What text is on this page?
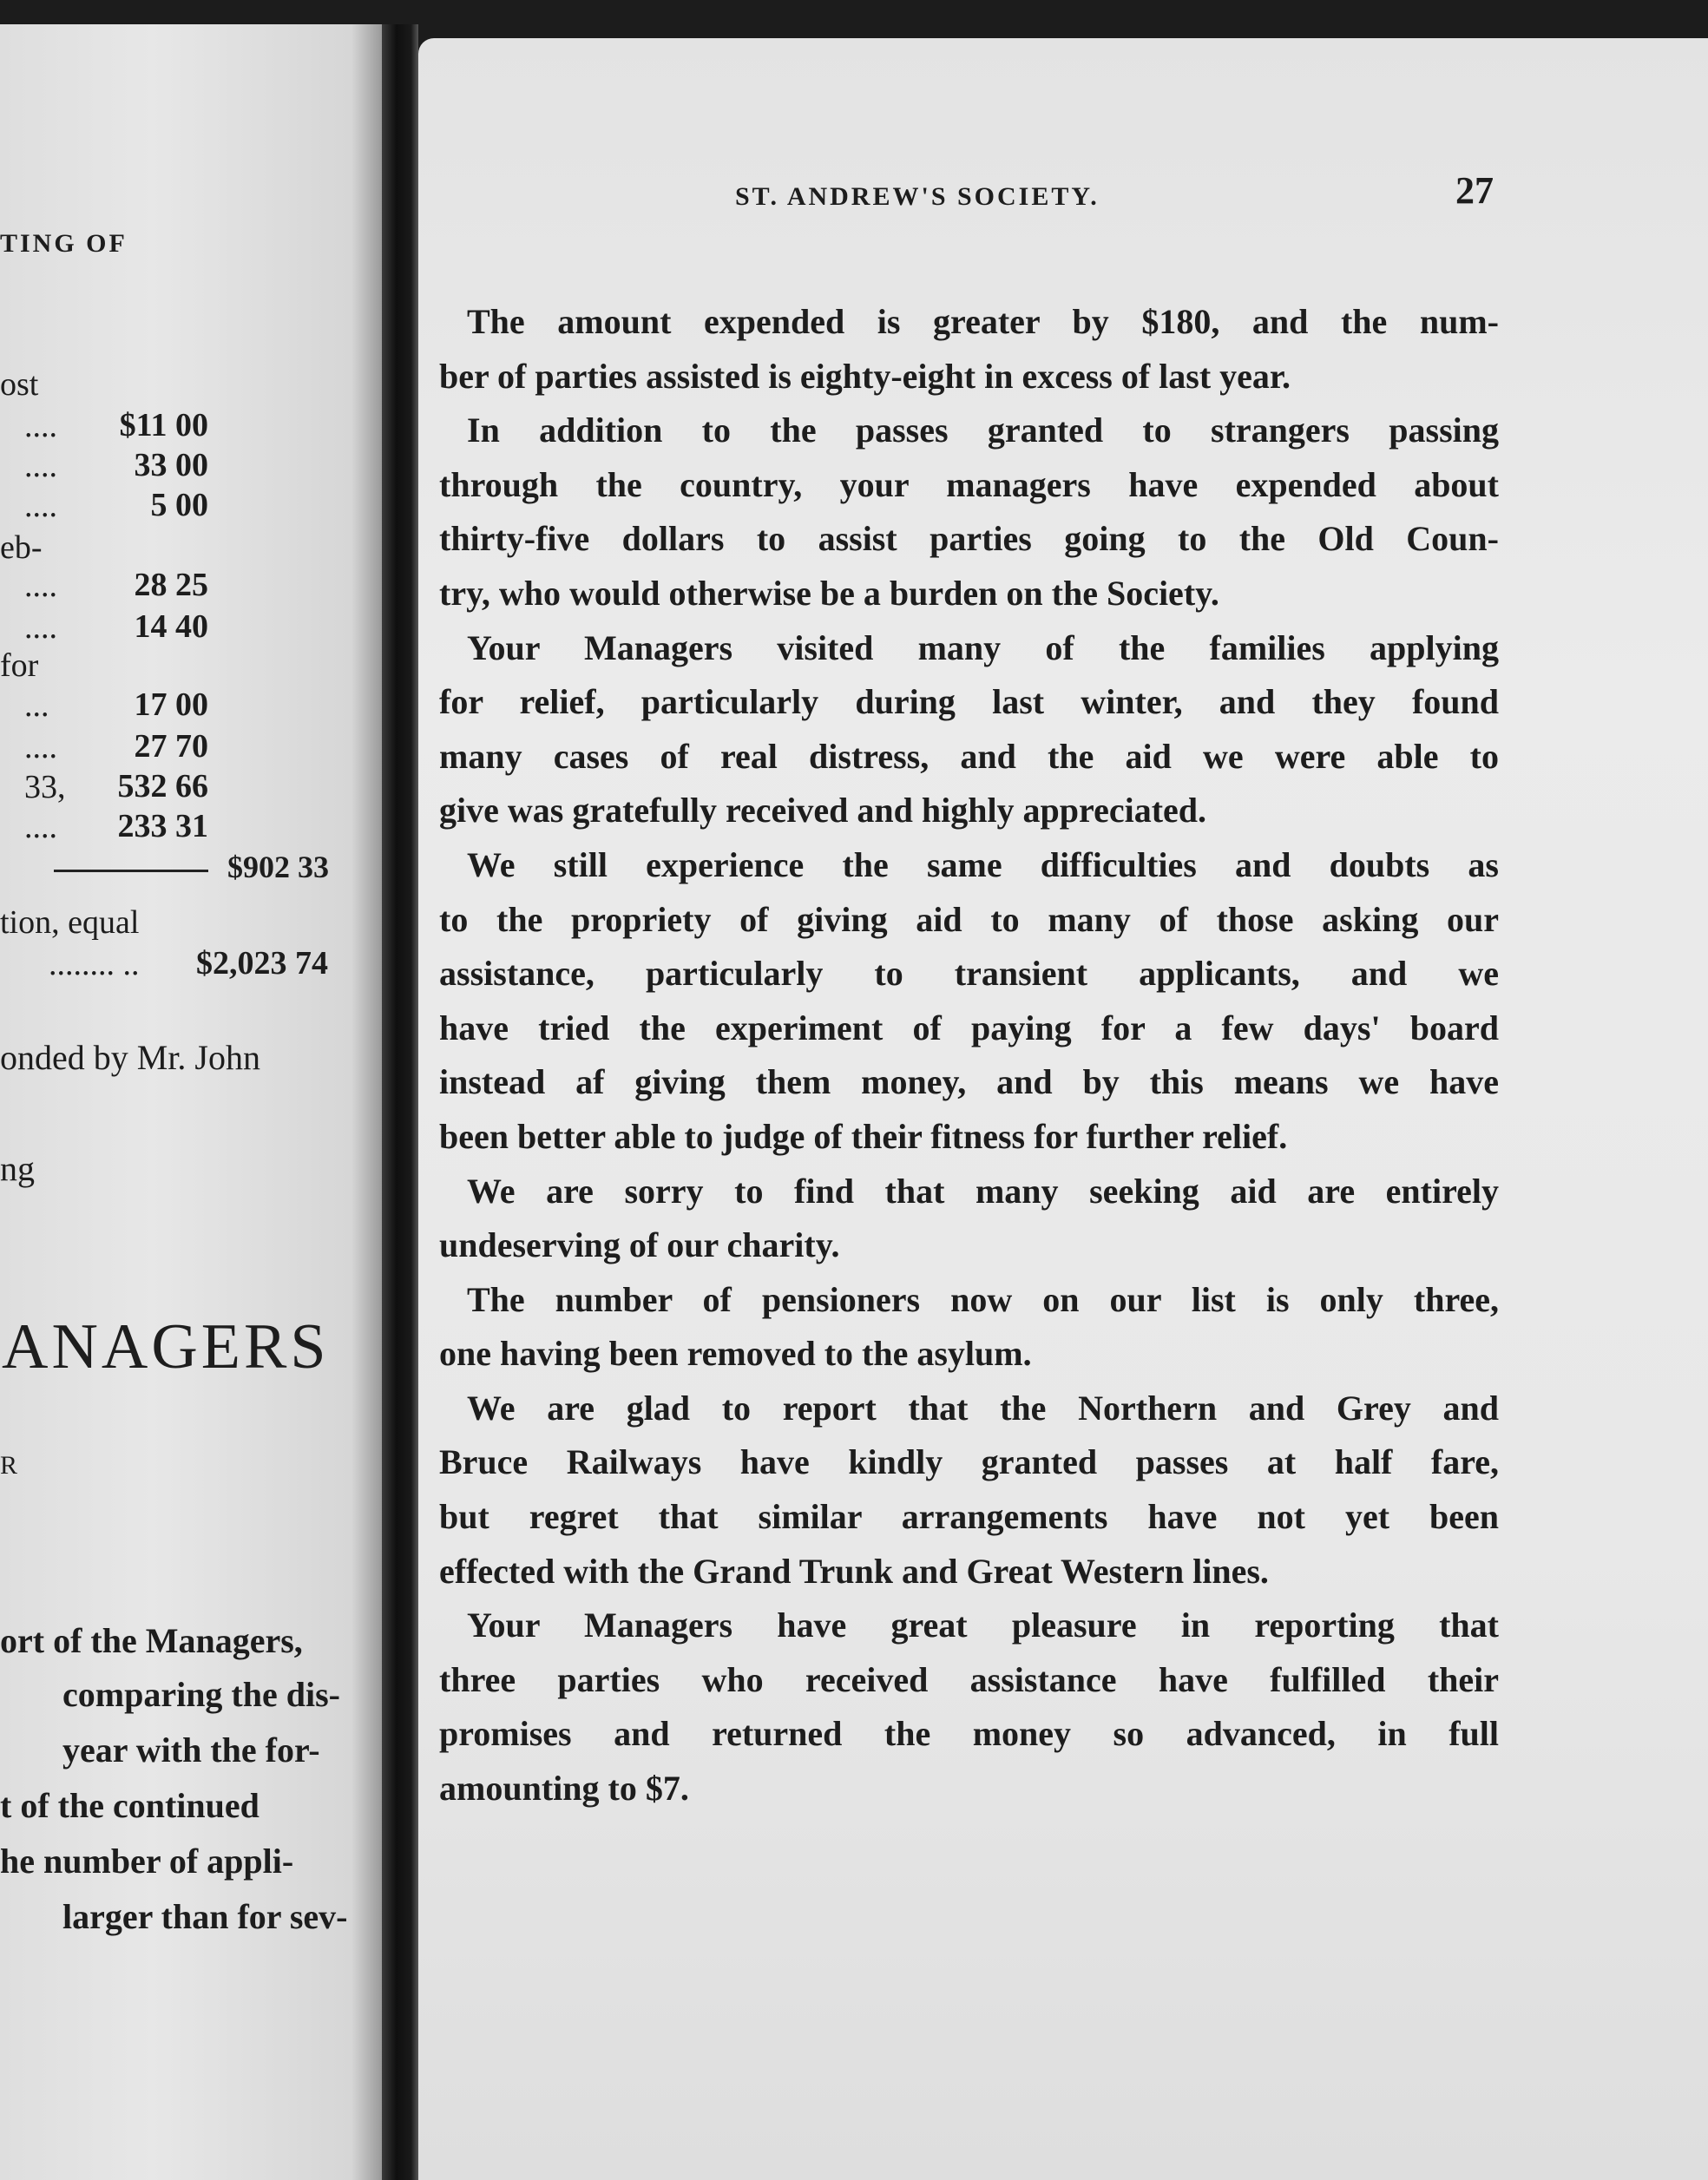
TING OF
ost
.... $11 00
.... 33 00
....	5 00
eb-
.... 28 25
.... 14 40
for
...	17 00
.... 27 70
33, 532 66
.... 233 31
$902 33
tion, equal
........ .. $2,023 74
onded by Mr. John
ng
ANAGERS
R
ort of the Managers,
comparing the dis-
year with the for-
t of the continued
he number of appli-
larger than for sev-
ST. ANDREW'S SOCIETY.	27
The amount expended is greater by $180, and the num-
ber of parties assisted is eighty-eight in excess of last year.
In addition to the passes granted to strangers passing
through the country, your managers have expended about
thirty-five dollars to assist parties going to the Old Coun-
try, who would otherwise be a burden on the Society.
Your Managers visited many of the families applying
for relief, particularly during last winter, and they found
many cases of real distress, and the aid we were able to
give was gratefully received and highly appreciated.
We still experience the same difficulties and doubts as
to the propriety of giving aid to many of those asking our
assistance, particularly to transient applicants, and we
have tried the experiment of paying for a few days' board
instead af giving them money, and by this means we have
been better able to judge of their fitness for further relief.
We are sorry to find that many seeking aid are entirely
undeserving of our charity.
The number of pensioners now on our list is only three,
one having been removed to the asylum.
We are glad to report that the Northern and Grey and
Bruce Railways have kindly granted passes at half fare,
but regret that similar arrangements have not yet been
effected with the Grand Trunk and Great Western lines.
Your Managers have great pleasure in reporting that
three parties who received assistance have fulfilled their
promises and returned the money so advanced, in full
amounting to $7.
